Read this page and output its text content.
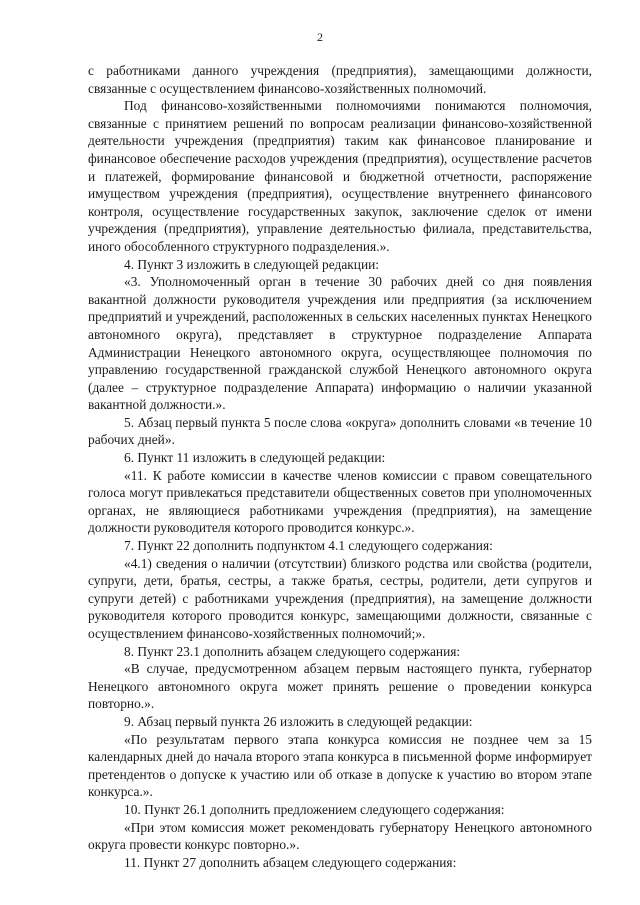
2

с работниками данного учреждения (предприятия), замещающими должности, связанные с осуществлением финансово-хозяйственных полномочий.

Под финансово-хозяйственными полномочиями понимаются полномочия, связанные с принятием решений по вопросам реализации финансово-хозяйственной деятельности учреждения (предприятия) таким как финансовое планирование и финансовое обеспечение расходов учреждения (предприятия), осуществление расчетов и платежей, формирование финансовой и бюджетной отчетности, распоряжение имуществом учреждения (предприятия), осуществление внутреннего финансового контроля, осуществление государственных закупок, заключение сделок от имени учреждения (предприятия), управление деятельностью филиала, представительства, иного обособленного структурного подразделения.».

4. Пункт 3 изложить в следующей редакции:

«3. Уполномоченный орган в течение 30 рабочих дней со дня появления вакантной должности руководителя учреждения или предприятия (за исключением предприятий и учреждений, расположенных в сельских населенных пунктах Ненецкого автономного округа), представляет в структурное подразделение Аппарата Администрации Ненецкого автономного округа, осуществляющее полномочия по управлению государственной гражданской службой Ненецкого автономного округа (далее – структурное подразделение Аппарата) информацию о наличии указанной вакантной должности.».

5. Абзац первый пункта 5 после слова «округа» дополнить словами «в течение 10 рабочих дней».

6. Пункт 11 изложить в следующей редакции:

«11. К работе комиссии в качестве членов комиссии с правом совещательного голоса могут привлекаться представители общественных советов при уполномоченных органах, не являющиеся работниками учреждения (предприятия), на замещение должности руководителя которого проводится конкурс.».

7. Пункт 22 дополнить подпунктом 4.1 следующего содержания:

«4.1) сведения о наличии (отсутствии) близкого родства или свойства (родители, супруги, дети, братья, сестры, а также братья, сестры, родители, дети супругов и супруги детей) с работниками учреждения (предприятия), на замещение должности руководителя которого проводится конкурс, замещающими должности, связанные с осуществлением финансово-хозяйственных полномочий;».

8. Пункт 23.1 дополнить абзацем следующего содержания:

«В случае, предусмотренном абзацем первым настоящего пункта, губернатор Ненецкого автономного округа может принять решение о проведении конкурса повторно.».

9. Абзац первый пункта 26 изложить в следующей редакции:

«По результатам первого этапа конкурса комиссия не позднее чем за 15 календарных дней до начала второго этапа конкурса в письменной форме информирует претендентов о допуске к участию или об отказе в допуске к участию во втором этапе конкурса.».

10. Пункт 26.1 дополнить предложением следующего содержания:

«При этом комиссия может рекомендовать губернатору Ненецкого автономного округа провести конкурс повторно.».

11. Пункт 27 дополнить абзацем следующего содержания:
